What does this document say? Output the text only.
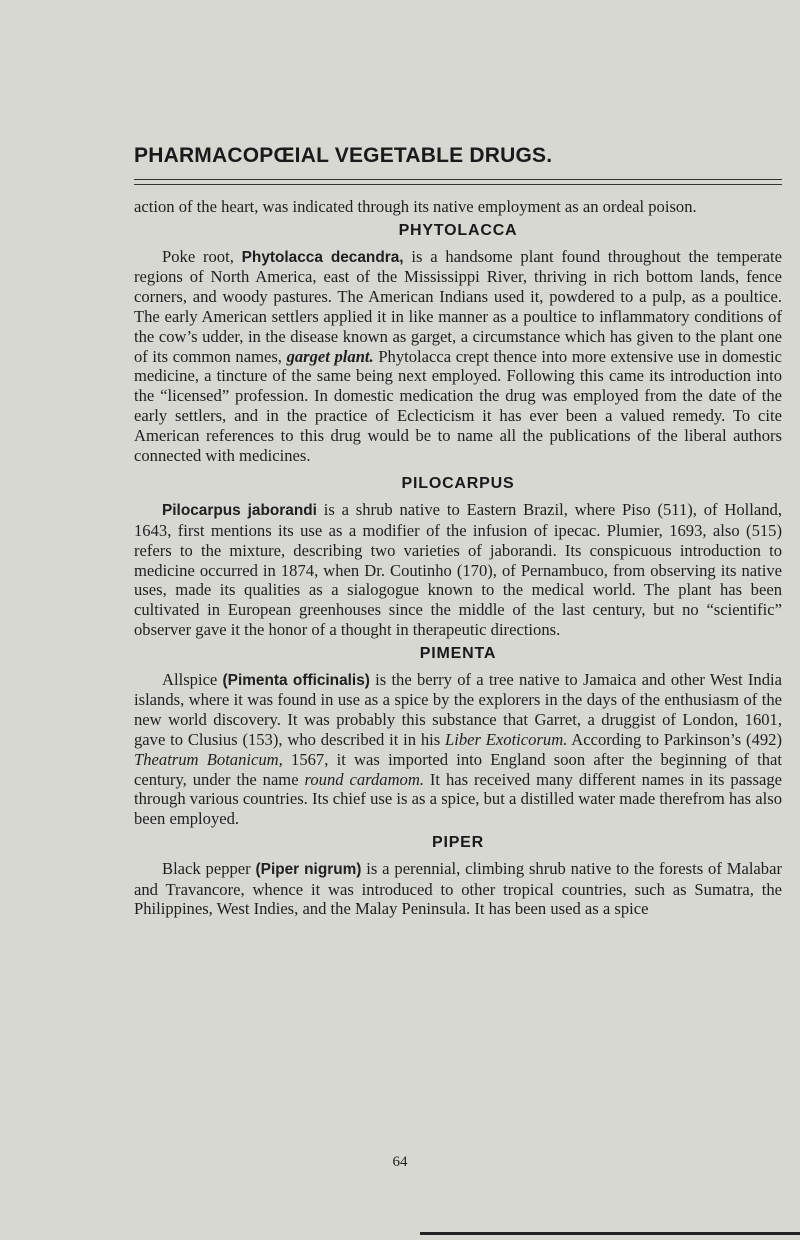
PHARMACOPŒIAL VEGETABLE DRUGS.

action of the heart, was indicated through its native employment as an ordeal poison.

PHYTOLACCA

Poke root, Phytolacca decandra, is a handsome plant found throughout the temperate regions of North America, east of the Mississippi River, thriving in rich bottom lands, fence corners, and woody pastures. The American Indians used it, powdered to a pulp, as a poultice. The early American settlers applied it in like manner as a poultice to inflammatory conditions of the cow’s udder, in the disease known as garget, a circumstance which has given to the plant one of its common names, garget plant. Phytolacca crept thence into more extensive use in domestic medicine, a tincture of the same being next employed. Following this came its introduction into the “licensed” profession. In domestic medication the drug was employed from the date of the early settlers, and in the practice of Eclecticism it has ever been a valued remedy. To cite American references to this drug would be to name all the publications of the liberal authors connected with medicines.

PILOCARPUS

Pilocarpus jaborandi is a shrub native to Eastern Brazil, where Piso (511), of Holland, 1643, first mentions its use as a modifier of the infusion of ipecac. Plumier, 1693, also (515) refers to the mixture, describing two varieties of jaborandi. Its conspicuous introduction to medicine occurred in 1874, when Dr. Coutinho (170), of Pernambuco, from observing its native uses, made its qualities as a sialogogue known to the medical world. The plant has been cultivated in European greenhouses since the middle of the last century, but no “scientific” observer gave it the honor of a thought in therapeutic directions.

PIMENTA

Allspice (Pimenta officinalis) is the berry of a tree native to Jamaica and other West India islands, where it was found in use as a spice by the explorers in the days of the enthusiasm of the new world discovery. It was probably this substance that Garret, a druggist of London, 1601, gave to Clusius (153), who described it in his Liber Exoticorum. According to Parkinson’s (492) Theatrum Botanicum, 1567, it was imported into England soon after the beginning of that century, under the name round cardamom. It has received many different names in its passage through various countries. Its chief use is as a spice, but a distilled water made therefrom has also been employed.

PIPER

Black pepper (Piper nigrum) is a perennial, climbing shrub native to the forests of Malabar and Travancore, whence it was introduced to other tropical countries, such as Sumatra, the Philippines, West Indies, and the Malay Peninsula. It has been used as a spice

64
